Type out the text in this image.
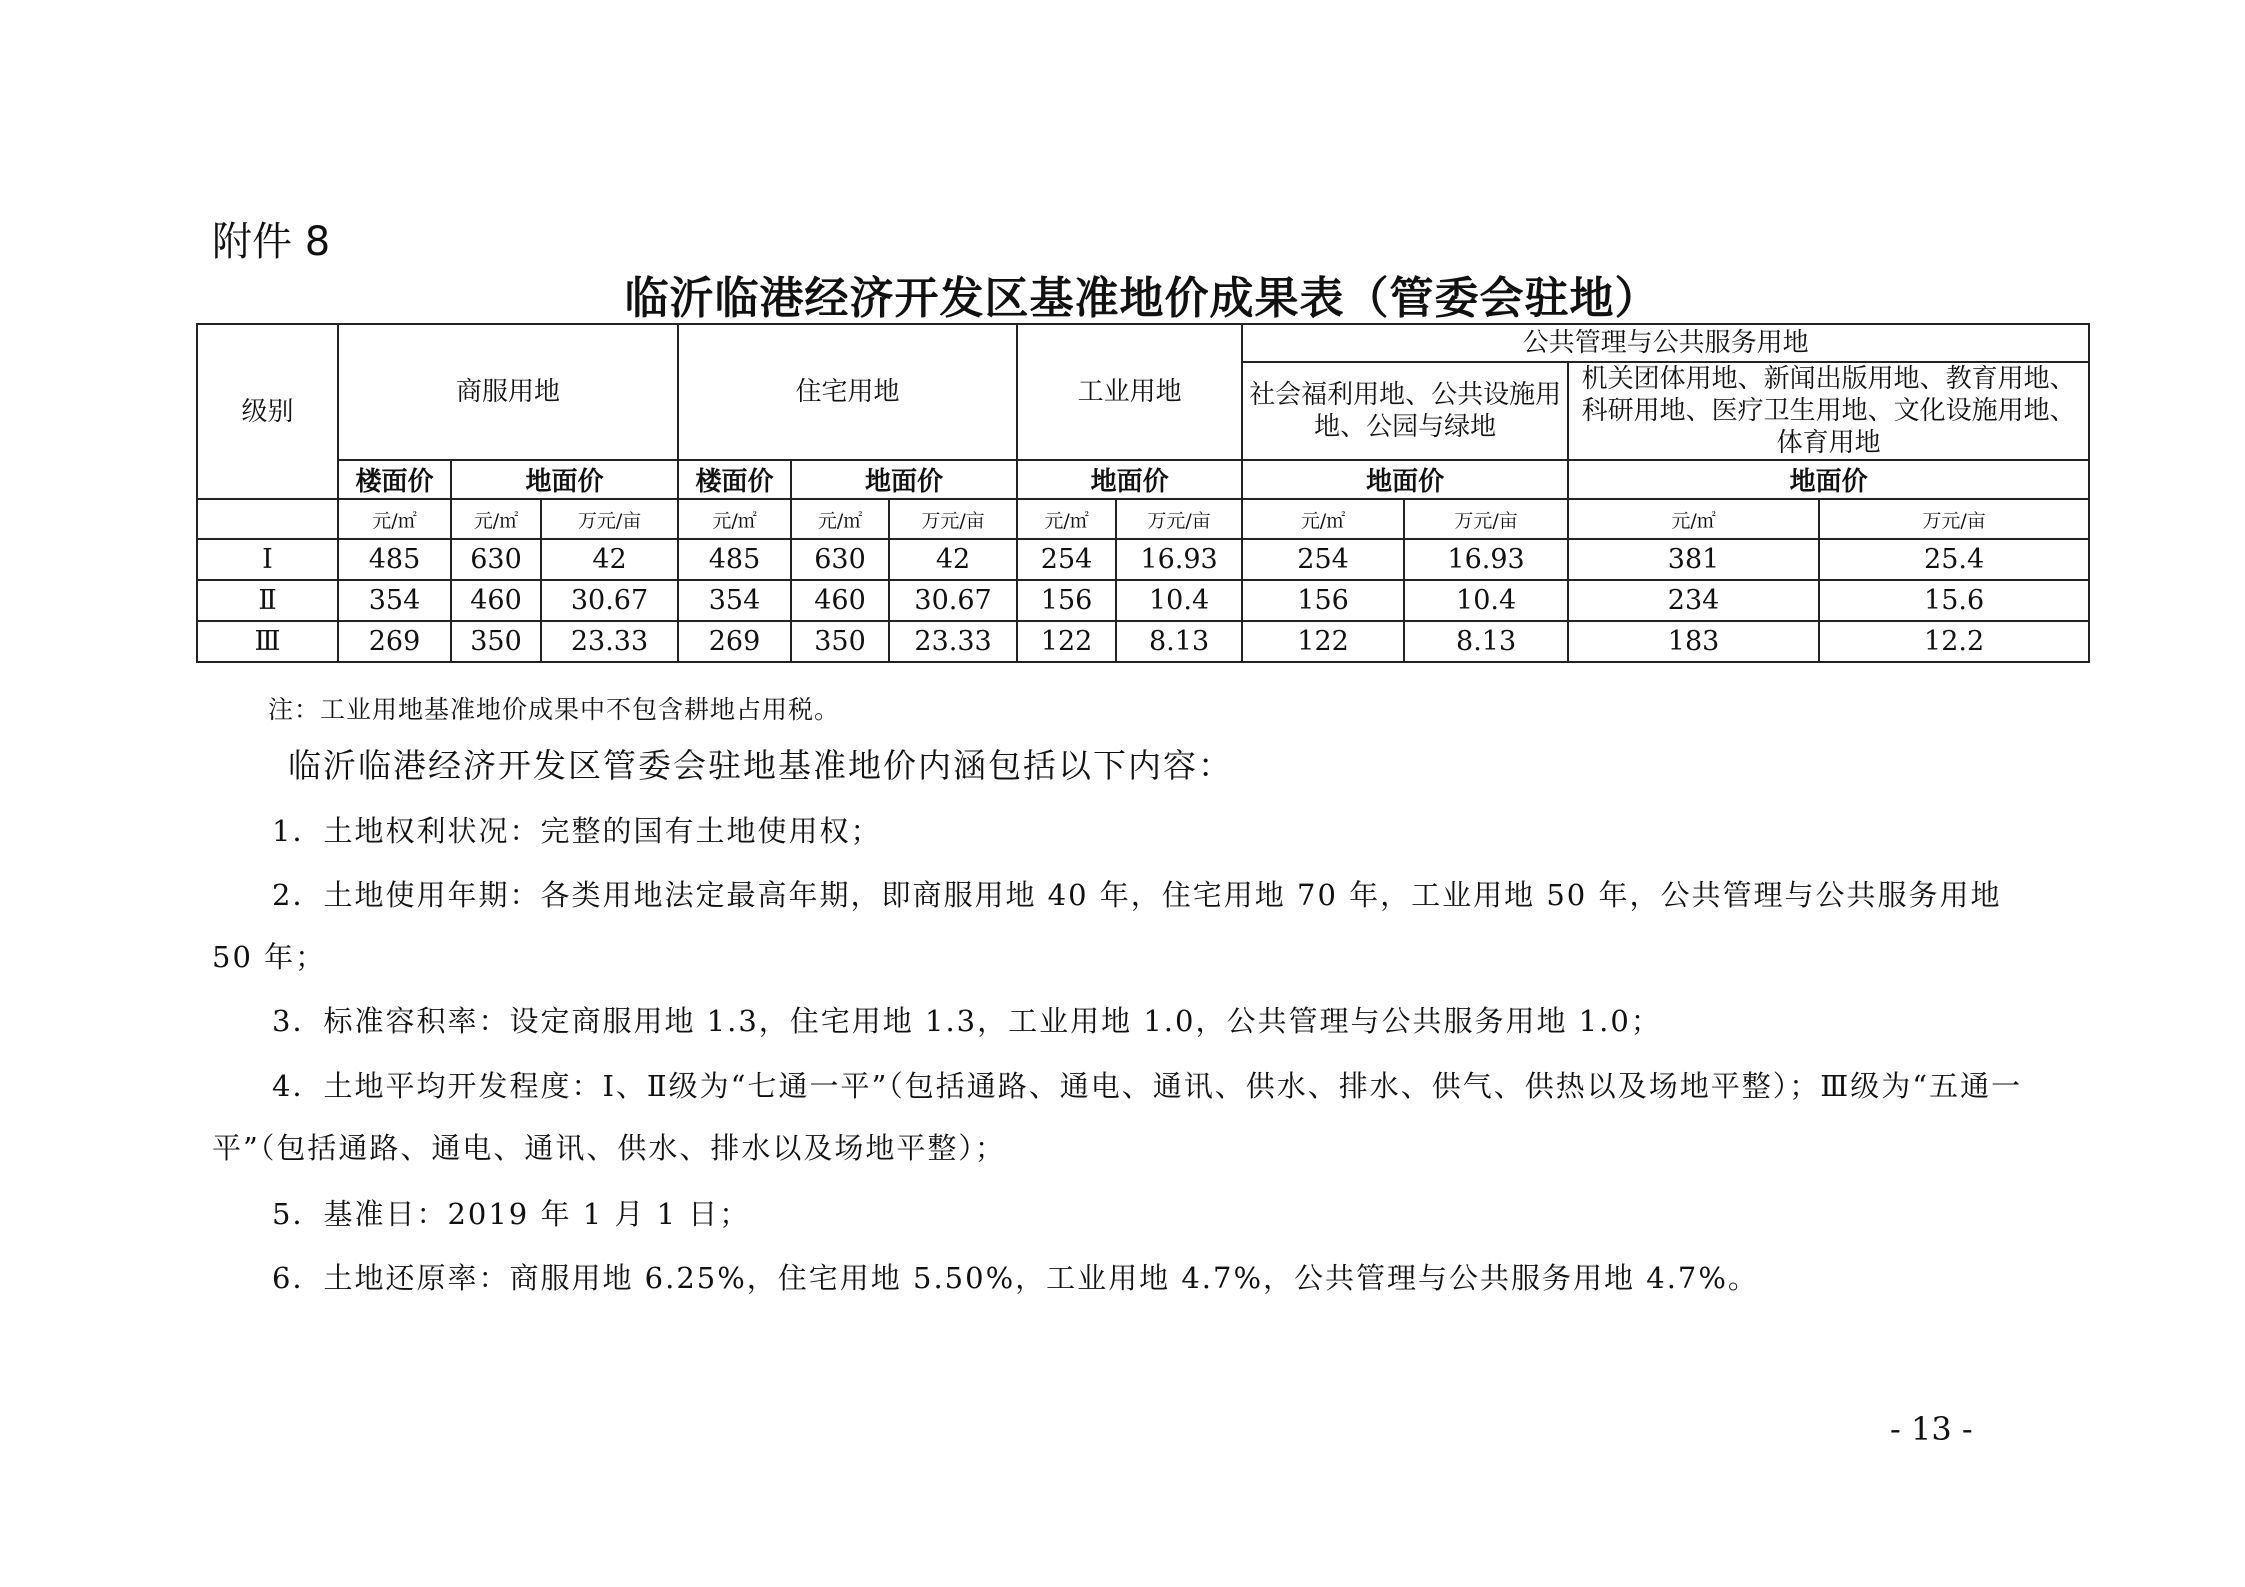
附件 8
临沂临港经济开发区基准地价成果表（管委会驻地）
级别	商服用地			住宅用地			工业用地		公共管理与公共服务用地			
									社会福利用地、公共设施用地、公园与绿地		机关团体用地、新闻出版用地、教育用地、科研用地、医疗卫生用地、文化设施用地、体育用地	
	楼面价	地面价		楼面价	地面价		地面价		地面价		地面价	
	元/㎡	元/㎡	万元/亩	元/㎡	元/㎡	万元/亩	元/㎡	万元/亩	元/㎡	万元/亩	元/㎡	万元/亩
Ⅰ	485	630	42	485	630	42	254	16.93	254	16.93	381	25.4
Ⅱ	354	460	30.67	354	460	30.67	156	10.4	156	10.4	234	15.6
Ⅲ	269	350	23.33	269	350	23.33	122	8.13	122	8.13	183	12.2
注：工业用地基准地价成果中不包含耕地占用税。
临沂临港经济开发区管委会驻地基准地价内涵包括以下内容：
1．土地权利状况：完整的国有土地使用权；
2．土地使用年期：各类用地法定最高年期，即商服用地 40 年，住宅用地 70 年，工业用地 50 年，公共管理与公共服务用地 50 年；
3．标准容积率：设定商服用地 1.3，住宅用地 1.3，工业用地 1.0，公共管理与公共服务用地 1.0；
4．土地平均开发程度：Ⅰ、Ⅱ级为“七通一平”（包括通路、通电、通讯、供水、排水、供气、供热以及场地平整）；Ⅲ级为“五通一平”（包括通路、通电、通讯、供水、排水以及场地平整）；
5．基准日：2019 年 1 月 1 日；
6．土地还原率：商服用地 6.25%，住宅用地 5.50%，工业用地 4.7%，公共管理与公共服务用地 4.7%。
- 13 -
